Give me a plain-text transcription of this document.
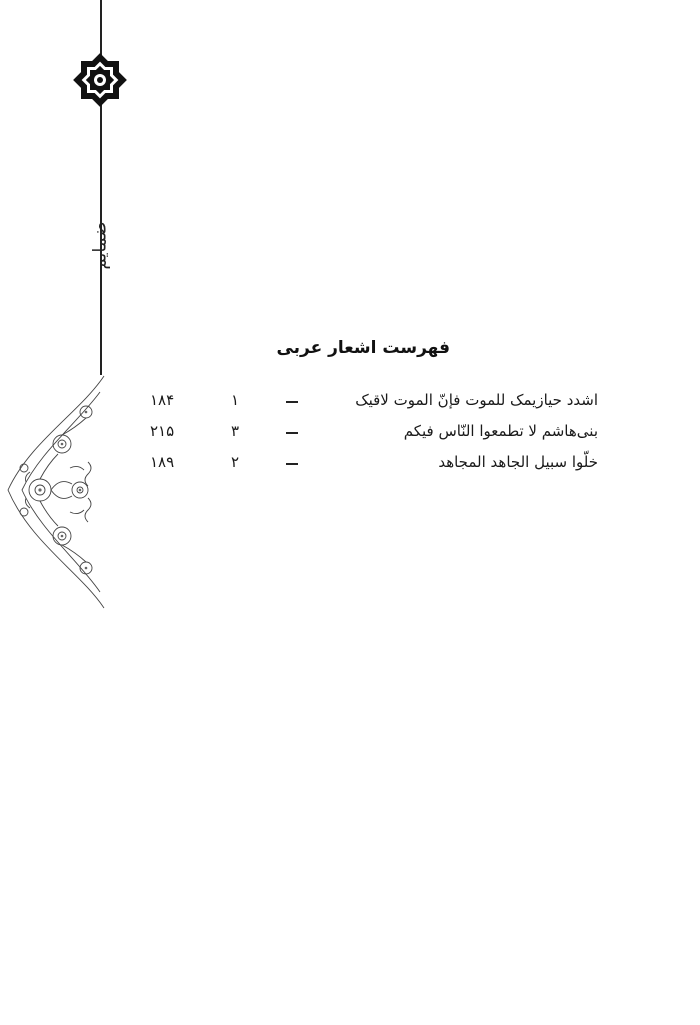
ضمایم
فهرست اشعار عربی
اشدد حیازیمک للموت فإنّ الموت لاقیک
۱
۱۸۴
بنی‌هاشم لا تطمعوا النّاس فیکم
۳
۲۱۵
خلّوا سبیل الجاهد المجاهد
۲
۱۸۹
